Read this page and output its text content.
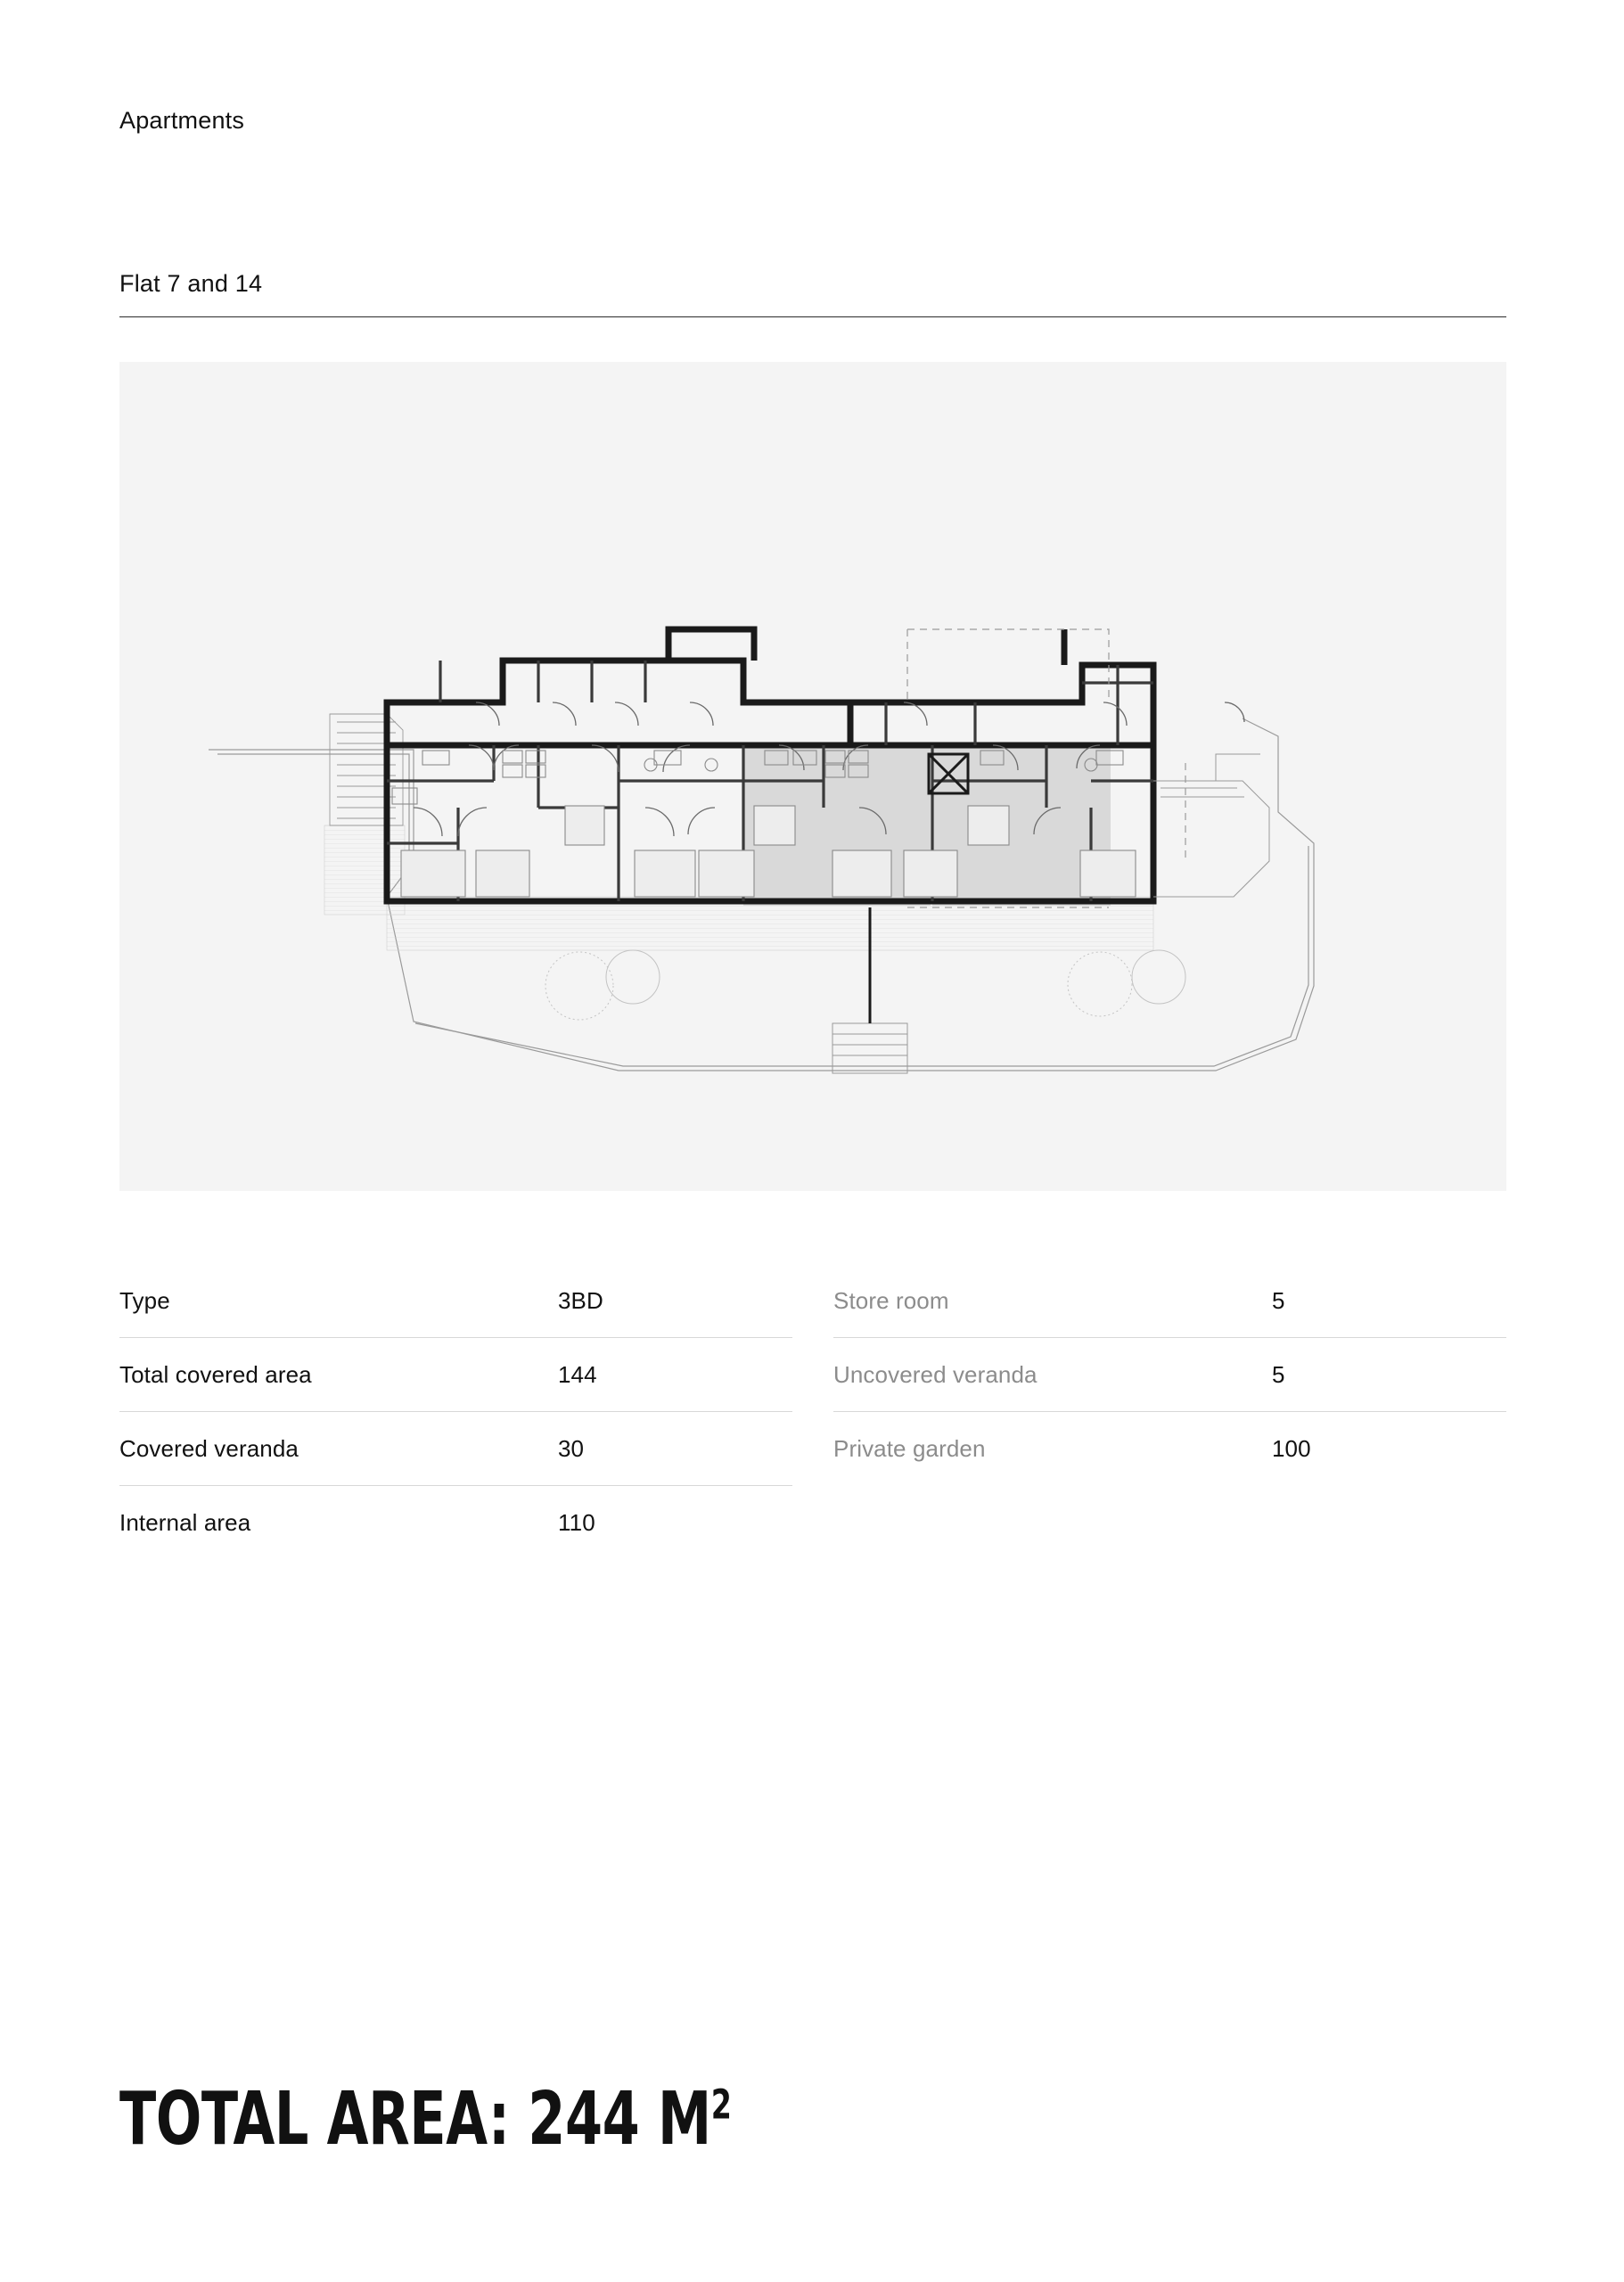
Apartments
Flat 7 and 14
Type	3BD
Total covered area	144
Covered veranda	30
Internal area	110
Store room	5
Uncovered veranda	5
Private garden	100
TOTAL AREA: 244 $M^2$
